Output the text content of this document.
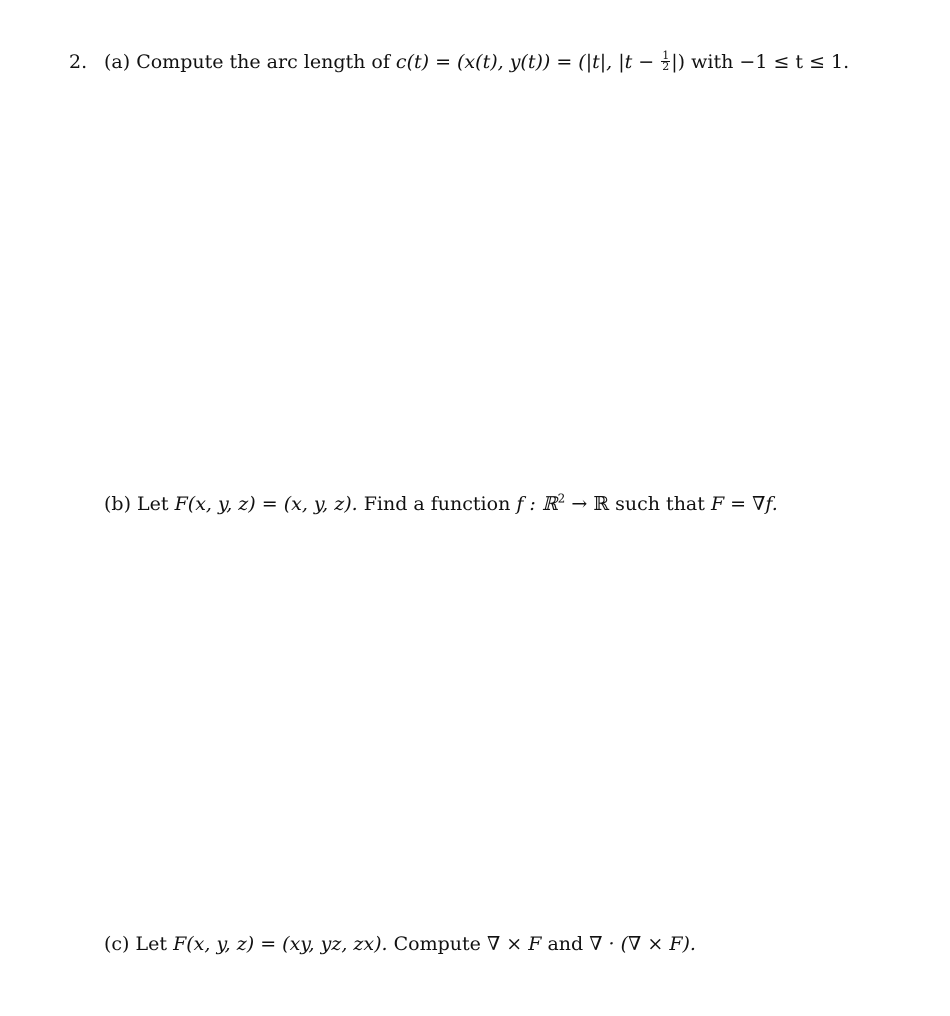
2. (a) Compute the arc length of c(t) = (x(t), y(t)) = (|t|, $|t - \frac{1}{2}$ |) with −1 ≤ t ≤ 1.
(b) Let F(x, y, z) = (x, y, z). Find a function f : ℝ$^2$ → ℝ such that F = ∇f.
(c) Let F(x, y, z) = (xy, yz, zx). Compute ∇ × F and ∇ · (∇ × F).
